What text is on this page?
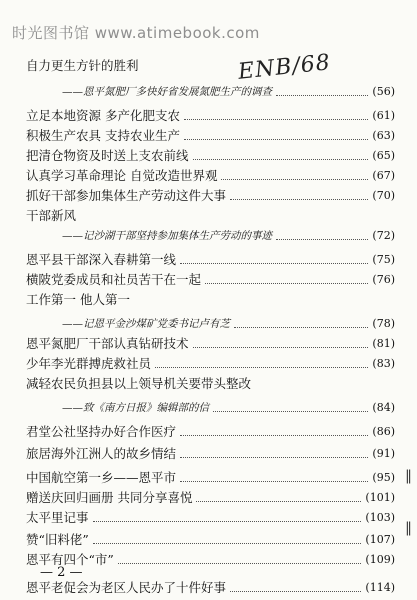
时光图书馆 www.atimebook.com
ENB/68
自力更生方针的胜利
——恩平氮肥厂多快好省发展氮肥生产的调查	(56)
立足本地资源 多产化肥支农	(61)
积极生产农具 支持农业生产	(63)
把清仓物资及时送上支农前线	(65)
认真学习革命理论 自觉改造世界观	(67)
抓好干部参加集体生产劳动这件大事	(70)
干部新风
——记沙湖干部坚持参加集体生产劳动的事迹	(72)
恩平县干部深入春耕第一线	(75)
横陂党委成员和社员苦干在一起	(76)
工作第一 他人第一
——记恩平金沙煤矿党委书记卢有芝	(78)
恩平氮肥厂干部认真钻研技术	(81)
少年李光群搏虎救社员	(83)
减轻农民负担县以上领导机关要带头整改
——致《南方日报》编辑部的信	(84)
君堂公社坚持办好合作医疗	(86)
旅居海外江洲人的故乡情结	(91)
中国航空第一乡——恩平市	(95)
赠送庆回归画册 共同分享喜悦	(101)
太平里记事	(103)
赞“旧料佬”	(107)
恩平有四个“市”	(109)
恩平老促会为老区人民办了十件好事	(114)
— 2 —
‖
‖
